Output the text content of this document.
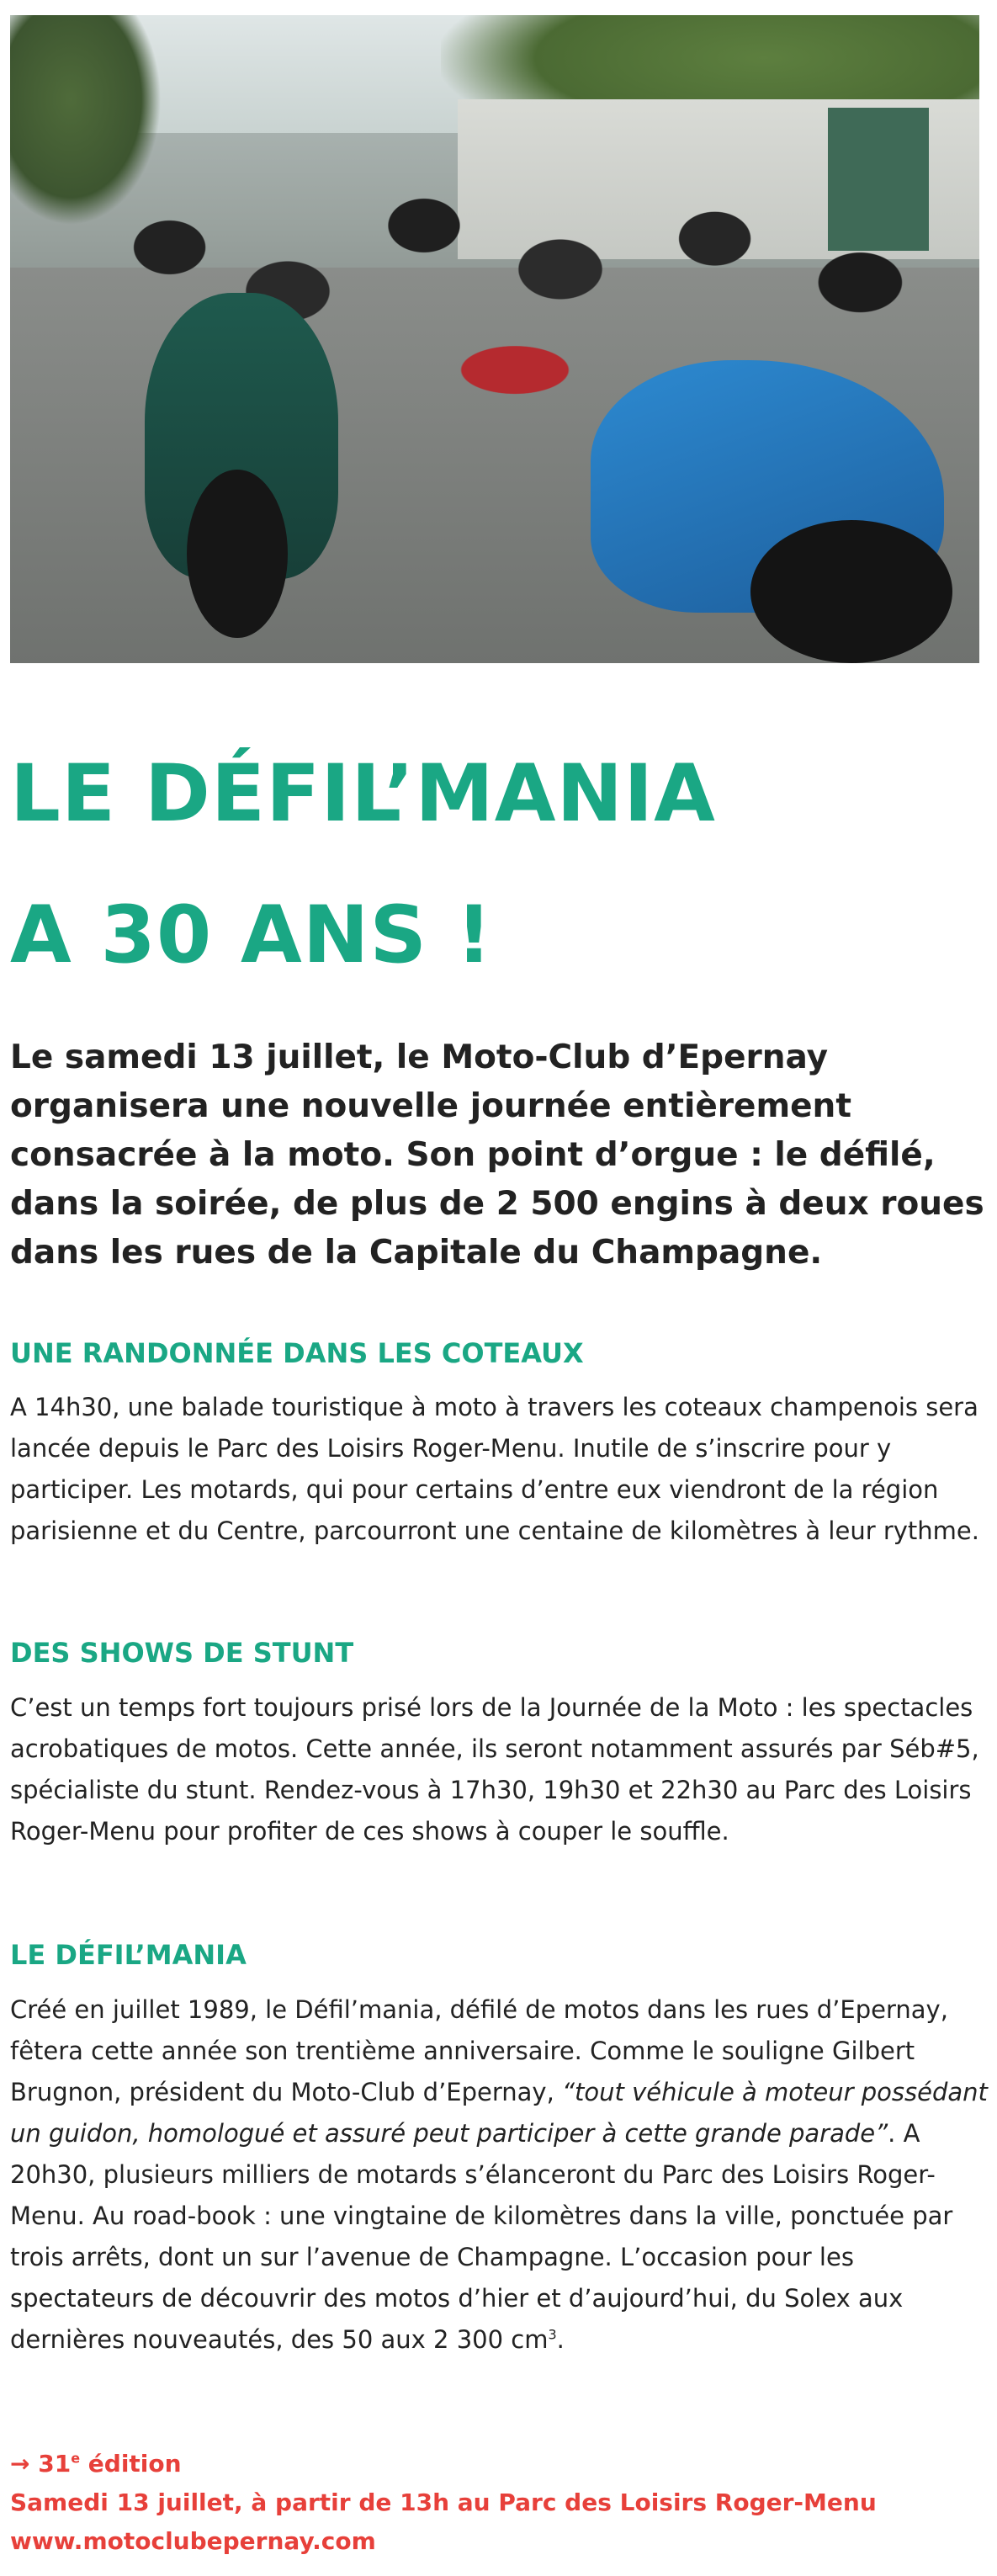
LE DÉFIL’MANIA
A 30 ANS !

Le samedi 13 juillet, le Moto-Club d’Epernay organisera une nouvelle journée entièrement consacrée à la moto. Son point d’orgue : le défilé, dans la soirée, de plus de 2 500 engins à deux roues dans les rues de la Capitale du Champagne.

UNE RANDONNÉE DANS LES COTEAUX

A 14h30, une balade touristique à moto à travers les coteaux champenois sera lancée depuis le Parc des Loisirs Roger-Menu. Inutile de s’inscrire pour y participer. Les motards, qui pour certains d’entre eux viendront de la région parisienne et du Centre, parcourront une centaine de kilomètres à leur rythme.

DES SHOWS DE STUNT

C’est un temps fort toujours prisé lors de la Journée de la Moto : les spectacles acrobatiques de motos. Cette année, ils seront notamment assurés par Séb#5, spécialiste du stunt. Rendez-vous à 17h30, 19h30 et 22h30 au Parc des Loisirs Roger-Menu pour profiter de ces shows à couper le souffle.

LE DÉFIL’MANIA

Créé en juillet 1989, le Défil’mania, défilé de motos dans les rues d’Epernay, fêtera cette année son trentième anniversaire. Comme le souligne Gilbert Brugnon, président du Moto-Club d’Epernay, “tout véhicule à moteur possédant un guidon, homologué et assuré peut participer à cette grande parade”. A 20h30, plusieurs milliers de motards s’élanceront du Parc des Loisirs Roger-Menu. Au road-book : une vingtaine de kilomètres dans la ville, ponctuée par trois arrêts, dont un sur l’avenue de Champagne. L’occasion pour les spectateurs de découvrir des motos d’hier et d’aujourd’hui, du Solex aux dernières nouveautés, des 50 aux 2 300 $cm^3$.

→ $31^e$ édition
Samedi 13 juillet, à partir de 13h au Parc des Loisirs Roger-Menu
www.motoclubepernay.com
